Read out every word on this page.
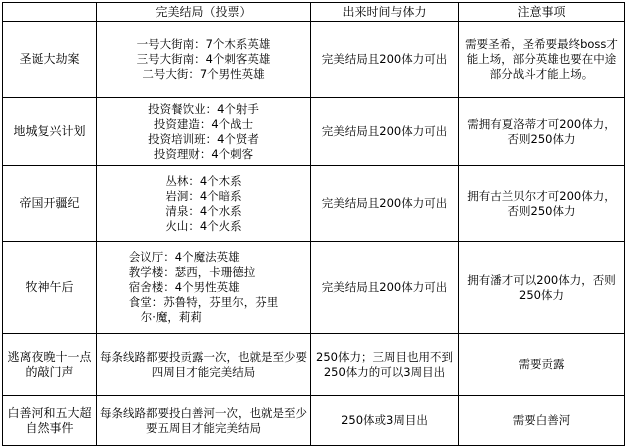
	完美结局（投票）	出来时间与体力	注意事项
圣诞大劫案	一号大街南：7个木系英雄
三号大街南：4个刺客英雄
二号大街：7个男性英雄	完美结局且200体力可出	需要圣希，圣希要最终boss才能上场，部分英雄也要在中途部分战斗才能上场。
地城复兴计划	投资餐饮业：4个射手
投资建造：4个战士
投资培训班：4个贤者
投资理财：4个刺客	完美结局且200体力可出	需拥有夏洛蒂才可200体力，否则250体力
帝国开疆纪	丛林：4个木系
岩洞：4个暗系
清泉：4个水系
火山：4个火系	完美结局且200体力可出	拥有古兰贝尔才可200体力，否则250体力
牧神午后	会议厅：4个魔法英雄
教学楼：瑟西，卡珊德拉
宿舍楼：4个男性英雄
食堂：苏鲁特，芬里尔，芬里
尔·魔，莉莉	完美结局且200体力可出	拥有潘才可以200体力，否则250体力
逃离夜晚十一点的敲门声	每条线路都要投贡露一次，也就是至少要四周目才能完美结局	250体力；三周目也用不到250体力的可以3周目出	需要贡露
白善河和五大超自然事件	每条线路都要投白善河一次，也就是至少要五周目才能完美结局	250体或3周目出	需要白善河
